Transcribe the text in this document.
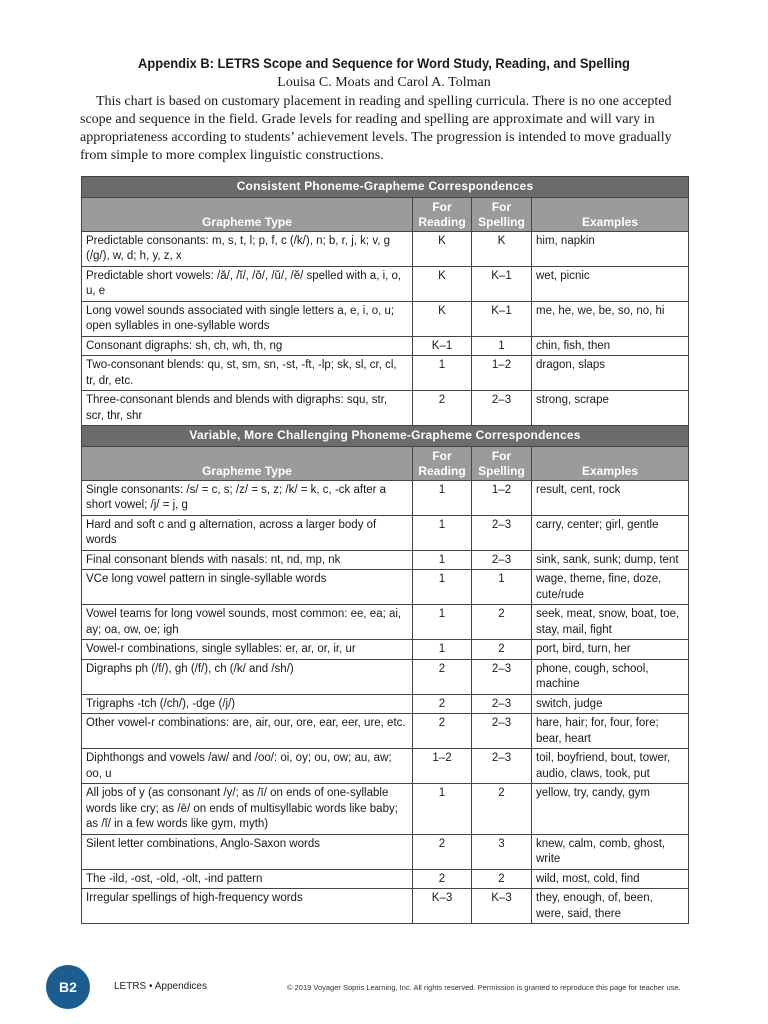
Appendix B: LETRS Scope and Sequence for Word Study, Reading, and Spelling
Louisa C. Moats and Carol A. Tolman
This chart is based on customary placement in reading and spelling curricula. There is no one accepted scope and sequence in the field. Grade levels for reading and spelling are approximate and will vary in appropriateness according to students’ achievement levels. The progression is intended to move gradually from simple to more complex linguistic constructions.
Consistent Phoneme-Grapheme Correspondences			
Grapheme Type	For Reading	For Spelling	Examples
Predictable consonants: m, s, t, l; p, f, c (/k/), n; b, r, j, k; v, g (/g/), w, d; h, y, z, x	K	K	him, napkin
Predictable short vowels: /ă/, /ĭ/, /ŏ/, /ŭ/, /ĕ/ spelled with a, i, o, u, e	K	K–1	wet, picnic
Long vowel sounds associated with single letters a, e, i, o, u; open syllables in one-syllable words	K	K–1	me, he, we, be, so, no, hi
Consonant digraphs: sh, ch, wh, th, ng	K–1	1	chin, fish, then
Two-consonant blends: qu, st, sm, sn, -st, -ft, -lp; sk, sl, cr, cl, tr, dr, etc.	1	1–2	dragon, slaps
Three-consonant blends and blends with digraphs: squ, str, scr, thr, shr	2	2–3	strong, scrape
Variable, More Challenging Phoneme-Grapheme Correspondences			
Grapheme Type	For Reading	For Spelling	Examples
Single consonants: /s/ = c, s; /z/ = s, z; /k/ = k, c, -ck after a short vowel; /j/ = j, g	1	1–2	result, cent, rock
Hard and soft c and g alternation, across a larger body of words	1	2–3	carry, center; girl, gentle
Final consonant blends with nasals: nt, nd, mp, nk	1	2–3	sink, sank, sunk; dump, tent
VCe long vowel pattern in single-syllable words	1	1	wage, theme, fine, doze, cute/rude
Vowel teams for long vowel sounds, most common: ee, ea; ai, ay; oa, ow, oe; igh	1	2	seek, meat, snow, boat, toe, stay, mail, fight
Vowel-r combinations, single syllables: er, ar, or, ir, ur	1	2	port, bird, turn, her
Digraphs ph (/f/), gh (/f/), ch (/k/ and /sh/)	2	2–3	phone, cough, school, machine
Trigraphs -tch (/ch/), -dge (/j/)	2	2–3	switch, judge
Other vowel-r combinations: are, air, our, ore, ear, eer, ure, etc.	2	2–3	hare, hair; for, four, fore; bear, heart
Diphthongs and vowels /aw/ and /oo/: oi, oy; ou, ow; au, aw; oo, u	1–2	2–3	toil, boyfriend, bout, tower, audio, claws, took, put
All jobs of y (as consonant /y/; as /ī/ on ends of one-syllable words like cry; as /ē/ on ends of multisyllabic words like baby; as /ĭ/ in a few words like gym, myth)	1	2	yellow, try, candy, gym
Silent letter combinations, Anglo-Saxon words	2	3	knew, calm, comb, ghost, write
The -ild, -ost, -old, -olt, -ind pattern	2	2	wild, most, cold, find
Irregular spellings of high-frequency words	K–3	K–3	they, enough, of, been, were, said, there
B2	LETRS • Appendices	© 2019 Voyager Sopris Learning, Inc. All rights reserved. Permission is granted to reproduce this page for teacher use.
